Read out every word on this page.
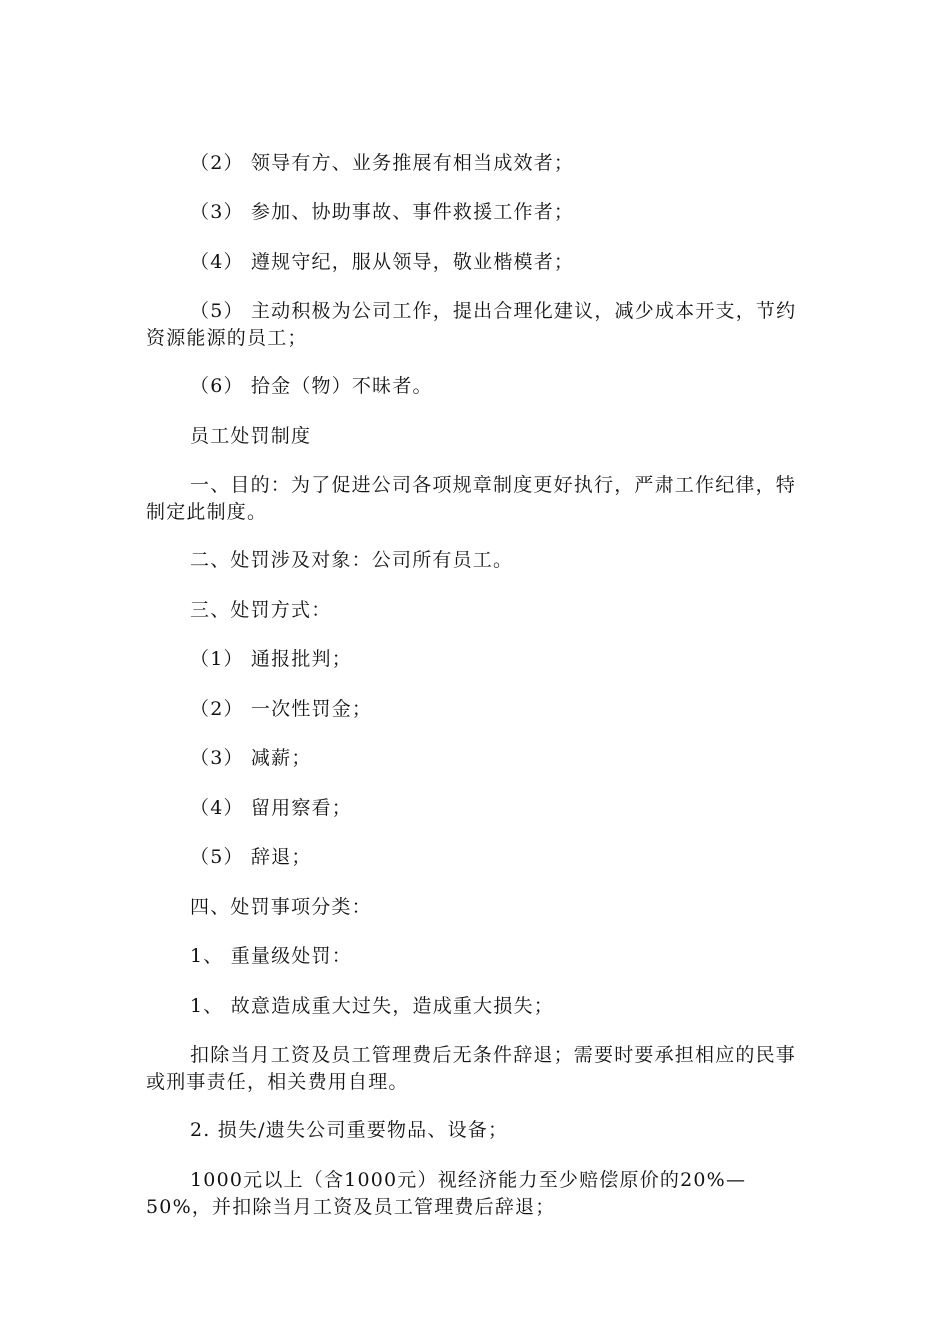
（2） 领导有方、业务推展有相当成效者；

（3） 参加、协助事故、事件救援工作者；

（4） 遵规守纪，服从领导，敬业楷模者；

（5） 主动积极为公司工作，提出合理化建议，减少成本开支，节约资源能源的员工；

（6） 拾金（物）不昧者。

员工处罚制度

一、目的：为了促进公司各项规章制度更好执行，严肃工作纪律，特制定此制度。

二、处罚涉及对象：公司所有员工。

三、处罚方式：

（1） 通报批判；

（2） 一次性罚金；

（3） 减薪；

（4） 留用察看；

（5） 辞退；

四、处罚事项分类：

1、 重量级处罚：

1、 故意造成重大过失，造成重大损失；

扣除当月工资及员工管理费后无条件辞退；需要时要承担相应的民事或刑事责任，相关费用自理。

2. 损失/遗失公司重要物品、设备；

1000元以上（含1000元）视经济能力至少赔偿原价的20%—50%，并扣除当月工资及员工管理费后辞退；
